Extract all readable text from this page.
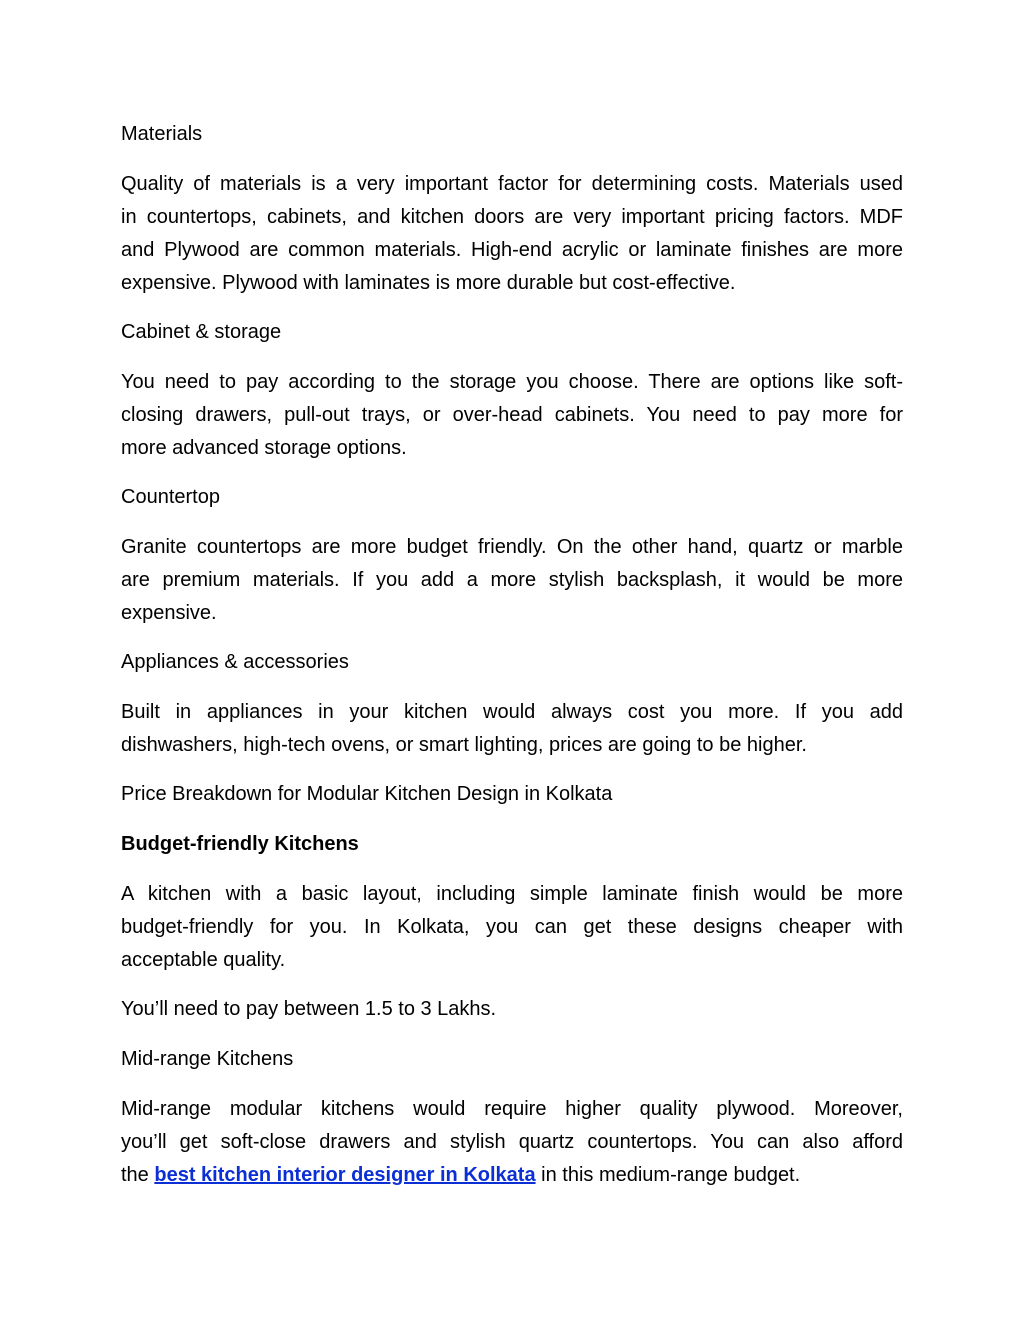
Materials
Quality of materials is a very important factor for determining costs. Materials used
in countertops, cabinets, and kitchen doors are very important pricing factors. MDF
and Plywood are common materials. High-end acrylic or laminate finishes are more
expensive. Plywood with laminates is more durable but cost-effective.
Cabinet & storage
You need to pay according to the storage you choose. There are options like soft-
closing drawers, pull-out trays, or over-head cabinets. You need to pay more for
more advanced storage options.
Countertop
Granite countertops are more budget friendly. On the other hand, quartz or marble
are premium materials. If you add a more stylish backsplash, it would be more
expensive.
Appliances & accessories
Built in appliances in your kitchen would always cost you more. If you add
dishwashers, high-tech ovens, or smart lighting, prices are going to be higher.
Price Breakdown for Modular Kitchen Design in Kolkata
Budget-friendly Kitchens
A kitchen with a basic layout, including simple laminate finish would be more
budget-friendly for you. In Kolkata, you can get these designs cheaper with
acceptable quality.
You’ll need to pay between 1.5 to 3 Lakhs.
Mid-range Kitchens
Mid-range modular kitchens would require higher quality plywood. Moreover,
you’ll get soft-close drawers and stylish quartz countertops. You can also afford
the best kitchen interior designer in Kolkata in this medium-range budget.
